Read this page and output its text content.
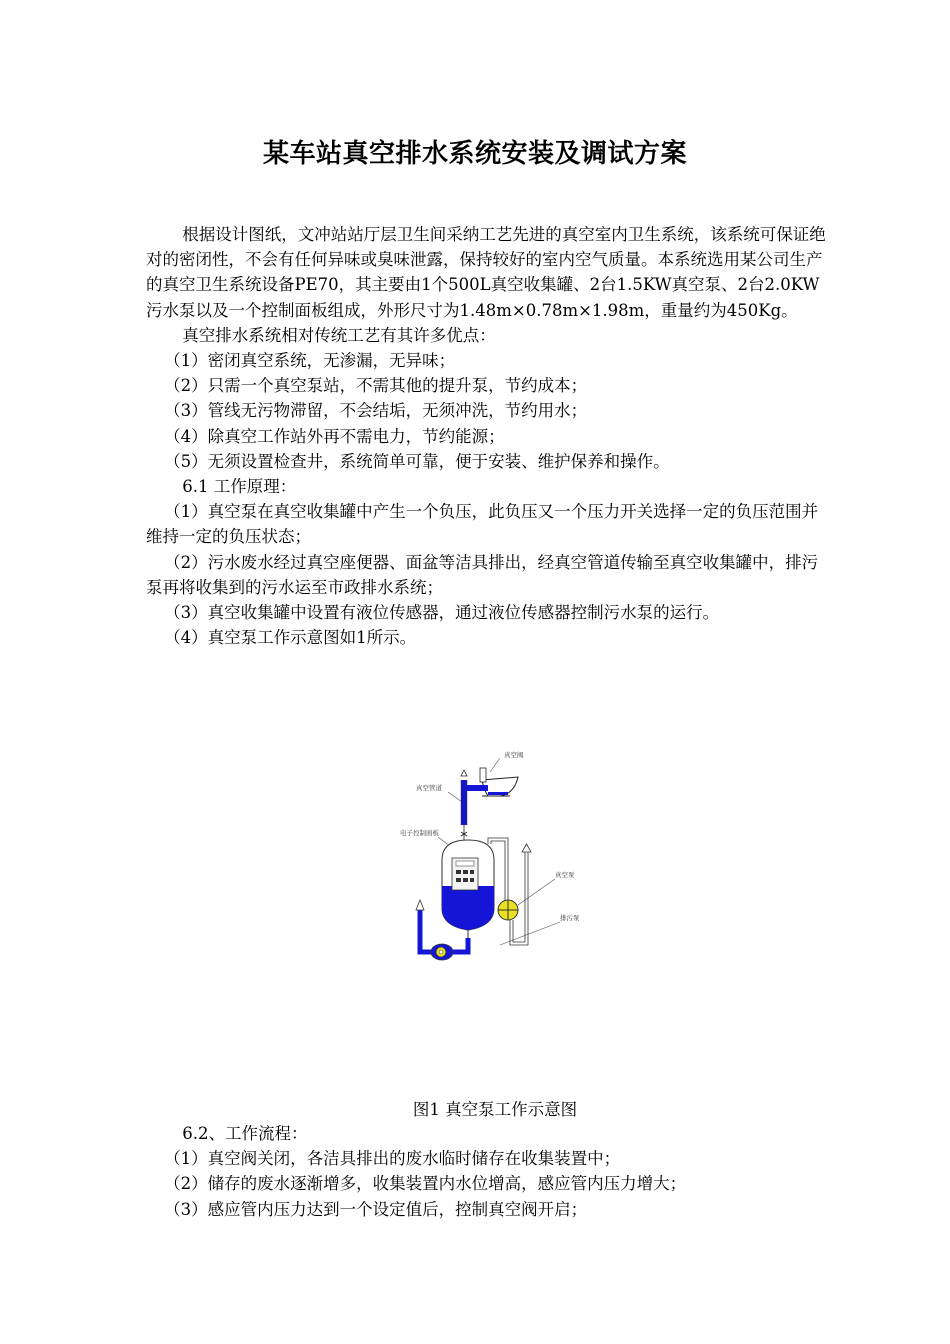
某车站真空排水系统安装及调试方案

根据设计图纸，文冲站站厅层卫生间采纳工艺先进的真空室内卫生系统，该系统可保证绝对的密闭性，不会有任何异味或臭味泄露，保持较好的室内空气质量。本系统选用某公司生产的真空卫生系统设备PE70，其主要由1个500L真空收集罐、2台1.5KW真空泵、2台2.0KW污水泵以及一个控制面板组成，外形尺寸为1.48m×0.78m×1.98m，重量约为450Kg。

真空排水系统相对传统工艺有其许多优点：

（1）密闭真空系统，无渗漏，无异味；

（2）只需一个真空泵站，不需其他的提升泵，节约成本；

（3）管线无污物滞留，不会结垢，无须冲洗，节约用水；

（4）除真空工作站外再不需电力，节约能源；

（5）无须设置检查井，系统简单可靠，便于安装、维护保养和操作。

6.1 工作原理：

（1）真空泵在真空收集罐中产生一个负压，此负压又一个压力开关选择一定的负压范围并维持一定的负压状态；

（2）污水废水经过真空座便器、面盆等洁具排出，经真空管道传输至真空收集罐中，排污泵再将收集到的污水运至市政排水系统；

（3）真空收集罐中设置有液位传感器，通过液位传感器控制污水泵的运行。

（4）真空泵工作示意图如1所示。

真空阀
真空管道
电子控制面板
真空泵
排污泵
图1 真空泵工作示意图

6.2、工作流程：

（1）真空阀关闭，各洁具排出的废水临时储存在收集装置中；

（2）储存的废水逐渐增多，收集装置内水位增高，感应管内压力增大；

（3）感应管内压力达到一个设定值后，控制真空阀开启；
